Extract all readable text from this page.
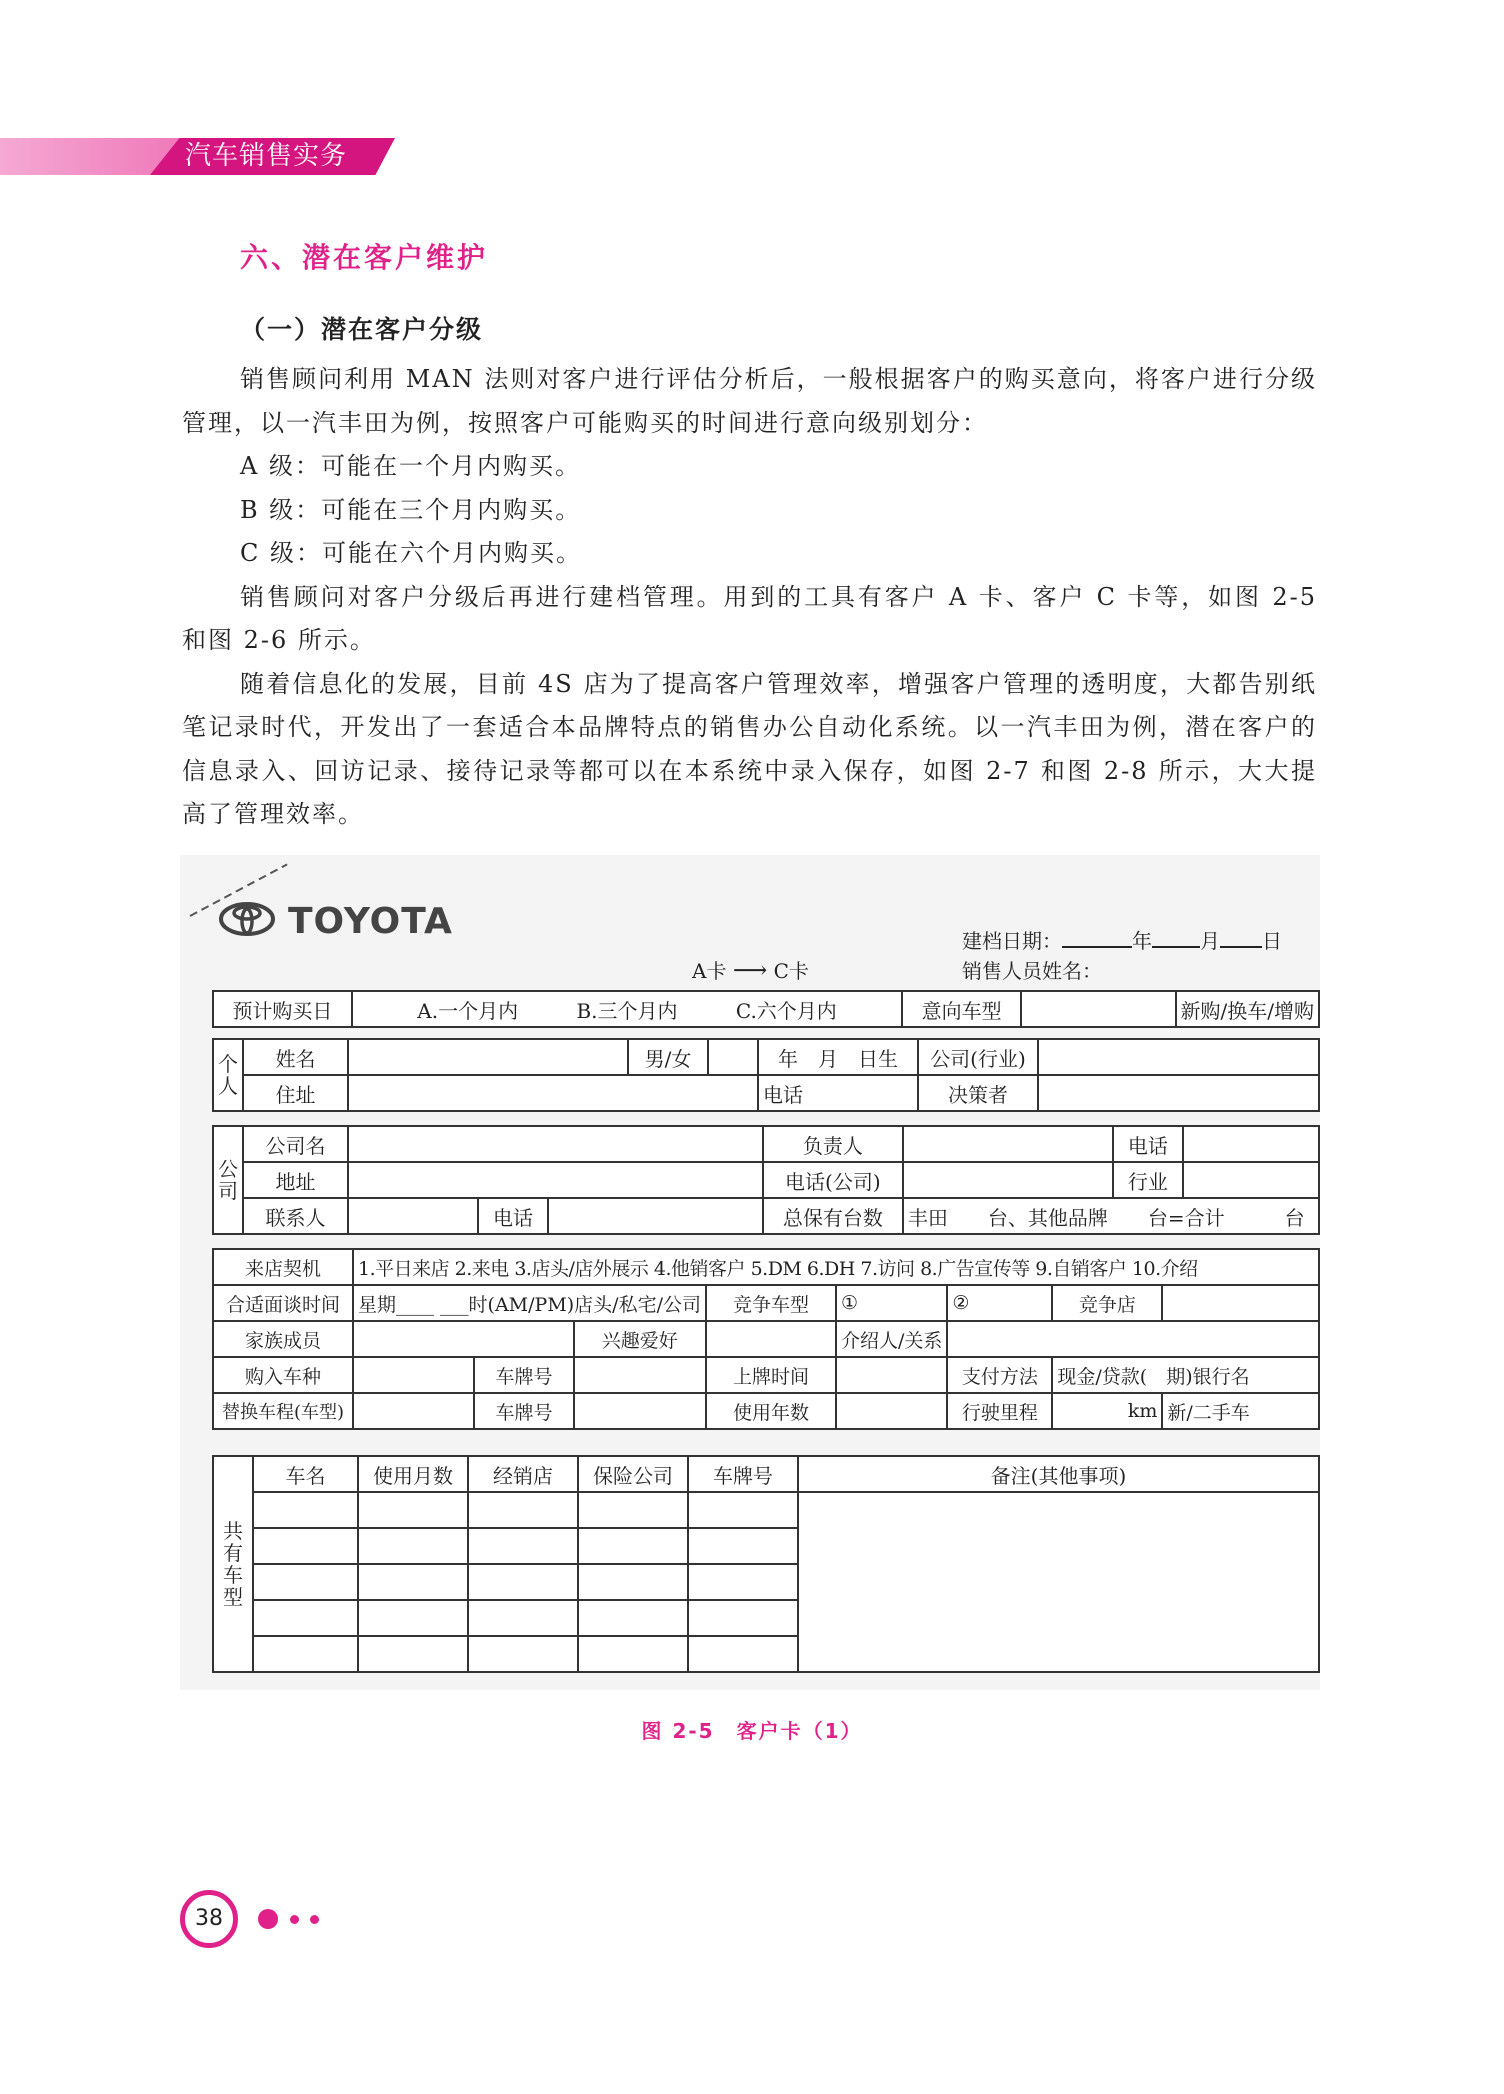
汽车销售实务
六、潜在客户维护
（一）潜在客户分级

销售顾问利用 MAN 法则对客户进行评估分析后，一般根据客户的购买意向，将客户进行分级管理，以一汽丰田为例，按照客户可能购买的时间进行意向级别划分：

A 级：可能在一个月内购买。

B 级：可能在三个月内购买。

C 级：可能在六个月内购买。

销售顾问对客户分级后再进行建档管理。用到的工具有客户 A 卡、客户 C 卡等，如图 2-5 和图 2-6 所示。

随着信息化的发展，目前 4S 店为了提高客户管理效率，增强客户管理的透明度，大都告别纸笔记录时代，开发出了一套适合本品牌特点的销售办公自动化系统。以一汽丰田为例，潜在客户的信息录入、回访记录、接待记录等都可以在本系统中录入保存，如图 2-7 和图 2-8 所示，大大提高了管理效率。

TOYOTA
A卡 ⟶ C卡
建档日期：	年 月 日
销售人员姓名：
预计购买日	A.一个月内	B.三个月内	C.六个月内	意向车型		新购/换车/增购
个
人	姓名		男/女		年　月　日生	公司(行业)	
	住址				电话	决策者	
公
司	公司名				负责人		电话	
	地址				电话(公司)		行业	
	联系人		电话		总保有台数	丰田　　台、其他品牌　　台=合计　　　台		
来店契机	1.平日来店 2.来电 3.店头/店外展示 4.他销客户 5.DM 6.DH 7.访问 8.广告宣传等 9.自销客户 10.介绍							
合适面谈时间	星期____ ___时(AM/PM)店头/私宅/公司			竞争车型	①	②	竞争店	
家族成员			兴趣爱好		介绍人/关系			
购入车种		车牌号		上牌时间		支付方法	现金/贷款(　期)银行名	
替换车程(车型)		车牌号		使用年数		行驶里程	km	新/二手车
共
有
车
型	车名	使用月数	经销店	保险公司	车牌号	备注(其他事项)

图 2-5　客户卡（1）
38
